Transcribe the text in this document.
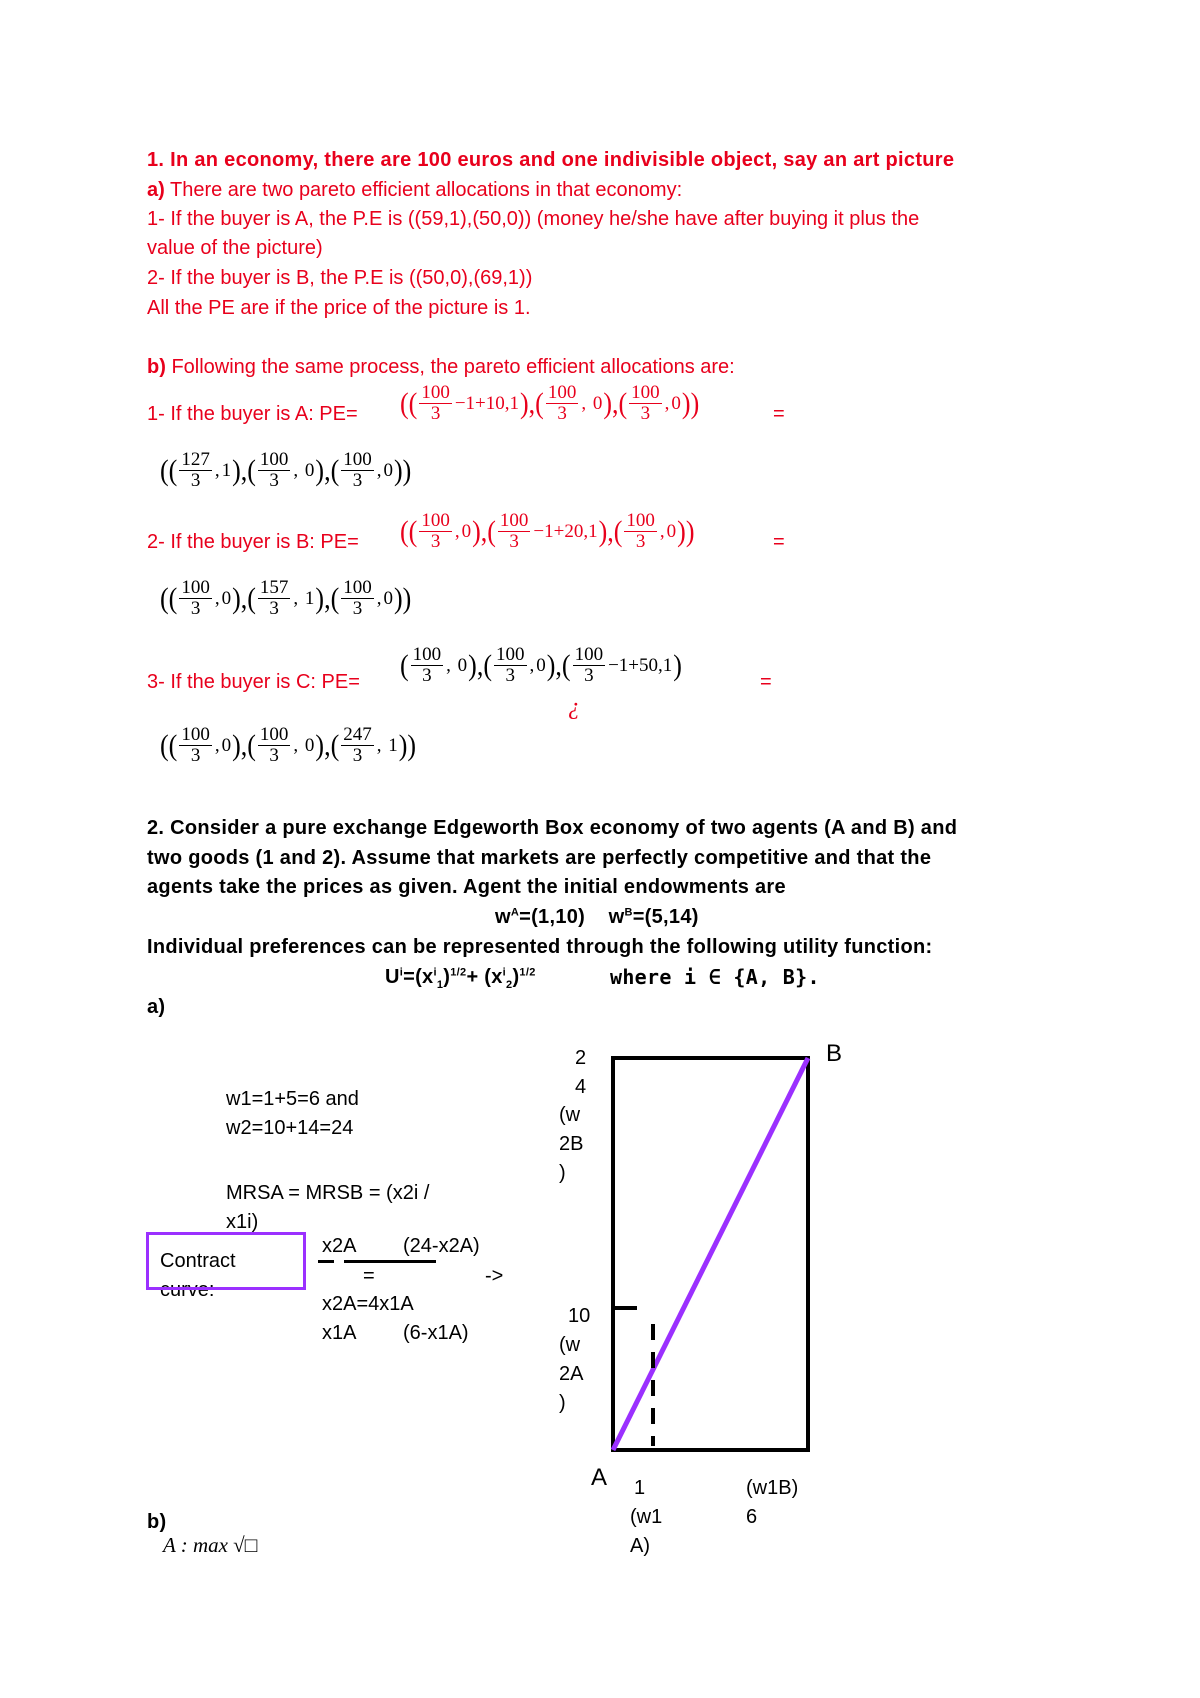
1. In an economy, there are 100 euros and one indivisible object, say an art picture
a) There are two pareto efficient allocations in that economy:
1- If the buyer is A, the P.E is ((59,1),(50,0)) (money he/she have after buying it plus the
value of the picture)
2- If the buyer is B, the P.E is ((50,0),(69,1))
All the PE are if the price of the picture is 1.
b) Following the same process, the pareto efficient allocations are:
1- If the buyer is A: PE= (( $\frac{100}{3} -1+10,1$ ),( $\frac{100}{3}$ , 0 ),( $\frac{100}{3}$ , 0 ))	=
(( $\frac{127}{3}$ , 1 ),( $\frac{100}{3}$ , 0 ),( $\frac{100}{3}$ , 0 ))
2- If the buyer is B: PE= (( $\frac{100}{3}$ , 0 ),( $\frac{100}{3} -1+20,1$ ),( $\frac{100}{3}$ , 0 ))	=
(( $\frac{100}{3}$ , 0 ),( $\frac{157}{3}$ , 1 ),( $\frac{100}{3}$ , 0 ))
3- If the buyer is C: PE=
( $\frac{100}{3}$ , 0 ),( $\frac{100}{3}$ , 0 ),( $\frac{100}{3} -1+50,1$ )
=
¿
(( $\frac{100}{3}$ , 0 ),( $\frac{100}{3}$ , 0 ),( $\frac{247}{3}$ , 1 ))
2. Consider a pure exchange Edgeworth Box economy of two agents (A and B) and
two goods (1 and 2). Assume that markets are perfectly competitive and that the
agents take the prices as given. Agent the initial endowments are
$w^A=(1,10)$ $w^B=(5,14)$
Individual preferences can be represented through the following utility function:
$U^i=(x^i_1)^{1/2}+ (x^i_2)^{1/2}$	where i ∈ {A, B}.
a)
w1=1+5=6 and
w2=10+14=24
MRSA = MRSB = (x2i /
x1i)
Contract
curve:
x2A (24-x2A)
=	->
x2A=4x1A
x1A (6-x1A)
B
A
2
4
(w
2B
)
10
(w
2A
)
1
(w1
A)
(w1B)
6
b)
A : max √□
